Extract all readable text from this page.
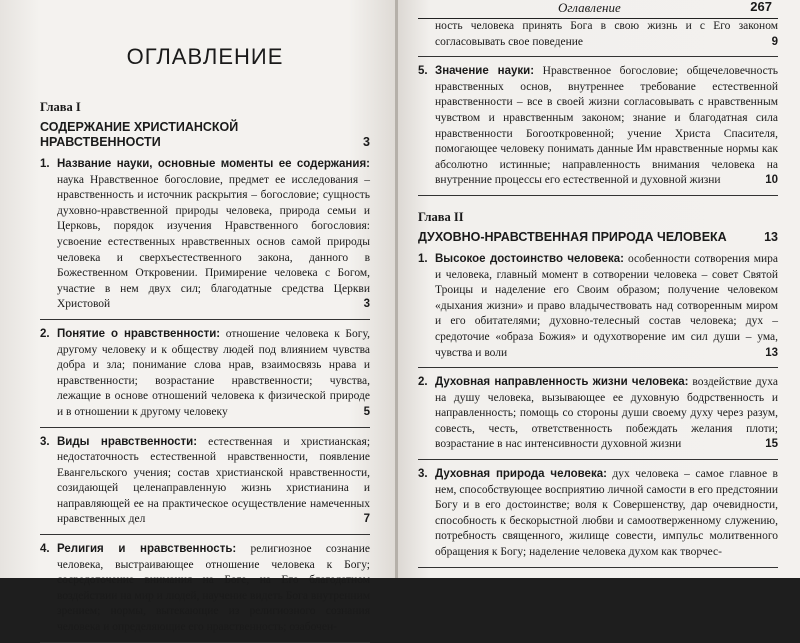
ОГЛАВЛЕНИЕ
Глава I
СОДЕРЖАНИЕ ХРИСТИАНСКОЙ НРАВСТВЕННОСТИ	3
1. Название науки, основные моменты ее содержания: наука Нравственное богословие, предмет ее исследования – нравственность и источник раскрытия – богословие; сущность духовно-нравственной природы человека, природа семьи и Церковь, порядок изучения Нравственного богословия: усвоение естественных нравственных основ самой природы человека и сверхъестественного закона, данного в Божественном Откровении. Примирение человека с Богом, участие в нем двух сил; благодатные средства Церкви Христовой	3
2. Понятие о нравственности: отношение человека к Богу, другому человеку и к обществу людей под влиянием чувства добра и зла; понимание слова нрав, взаимосвязь нрава и нравственности; возрастание нравственности; чувства, лежащие в основе отношений человека к физической природе и в отношении к другому человеку	5
3. Виды нравственности: естественная и христианская; недостаточность естественной нравственности, появление Евангельского учения; состав христианской нравственности, созидающей целенаправленную жизнь христианина и направляющей ее на практическое осуществление намеченных нравственных дел	7
4. Религия и нравственность: религиозное сознание человека, выстраивающее отношение человека к Богу; сосредоточение внимания на Боге, на Его благодатном воздействии на мир и людей, научение видеть Бога внутренним зрением; нормы, вытекающие из религиозного сознания человека и определяющие его нравственность; озабочен-
Оглавление	267
ность человека принять Бога в свою жизнь и с Его законом согласовывать свое поведение	9
5. Значение науки: Нравственное богословие; общечеловечность нравственных основ, внутреннее требование естественной нравственности – все в своей жизни согласовывать с нравственным чувством и нравственным законом; знание и благодатная сила нравственности Богооткровенной; учение Христа Спасителя, помогающее человеку понимать данные Им нравственные нормы как абсолютно истинные; направленность внимания человека на внутренние процессы его естественной и духовной жизни	10
Глава II
ДУХОВНО-НРАВСТВЕННАЯ ПРИРОДА ЧЕЛОВЕКА	13
1. Высокое достоинство человека: особенности сотворения мира и человека, главный момент в сотворении человека – совет Святой Троицы и наделение его Своим образом; получение человеком «дыхания жизни» и право владычествовать над сотворенным миром и его обитателями; духовно-телесный состав человека; дух – средоточие «образа Божия» и одухотворение им сил души – ума, чувства и воли	13
2. Духовная направленность жизни человека: воздействие духа на душу человека, вызывающее ее духовную бодрственность и направленность; помощь со стороны души своему духу через разум, совесть, честь, ответственность побеждать желания плоти; возрастание в нас интенсивности духовной жизни	15
3. Духовная природа человека: дух человека – самое главное в нем, способствующее восприятию личной самости в его предстоянии Богу и в его достоинстве; воля к Совершенству, дар очевидности, способность к бескорыстной любви и самоотверженному служению, потребность священного, жилище совести, импульс молитвенного обращения к Богу; наделение человека духом как творчес-
